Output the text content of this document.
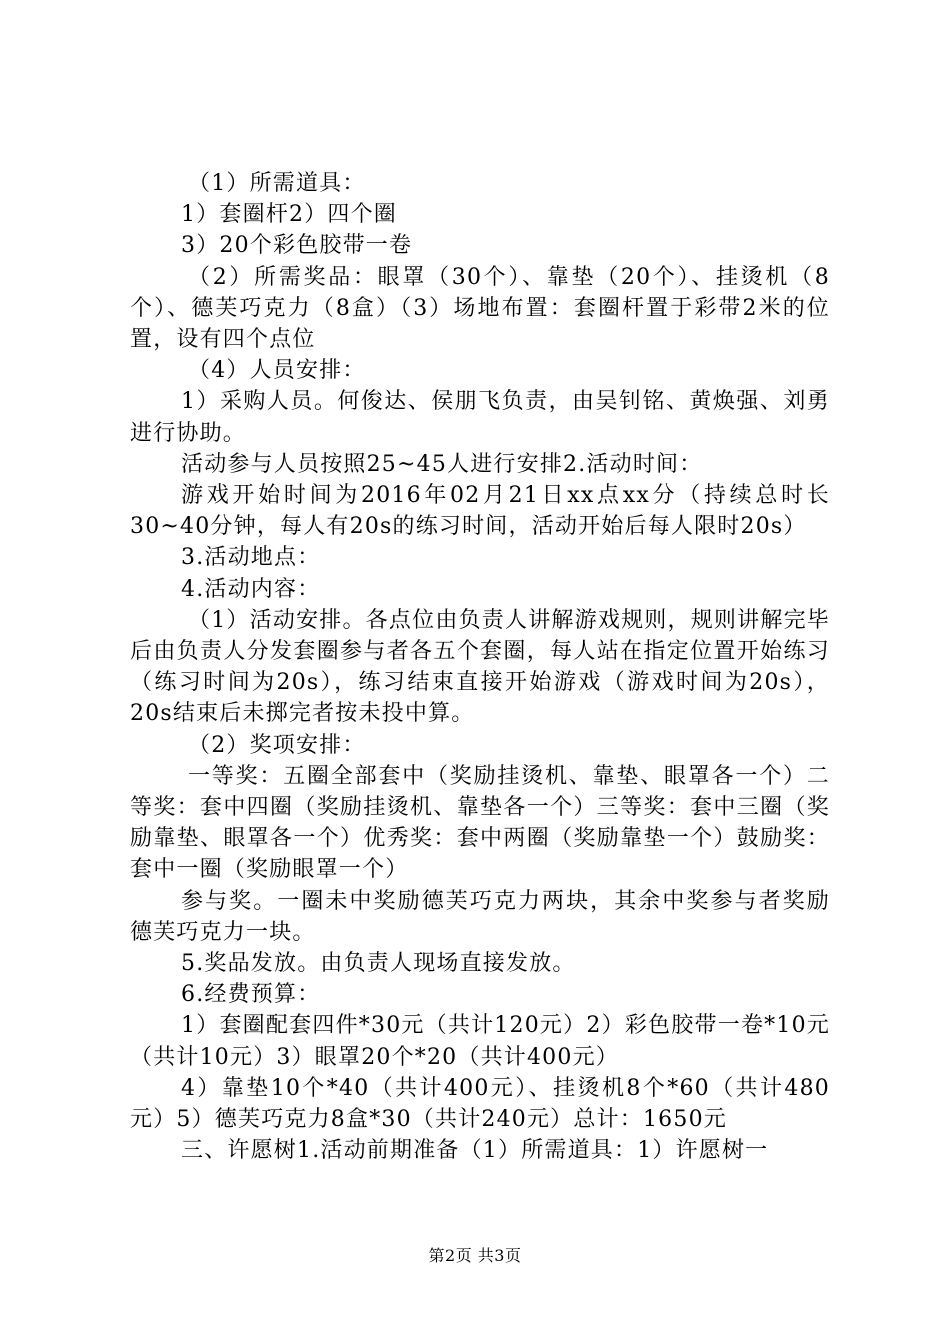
（1）所需道具：

1）套圈杆2）四个圈

3）20个彩色胶带一卷

（2）所需奖品：眼罩（30个）、靠垫（20个）、挂烫机（8个）、德芙巧克力（8盒）（3）场地布置：套圈杆置于彩带2米的位置，设有四个点位

（4）人员安排：

1）采购人员。何俊达、侯朋飞负责，由吴钊铭、黄焕强、刘勇进行协助。

活动参与人员按照25~45人进行安排2.活动时间：

游戏开始时间为2016年02月21日xx点xx分（持续总时长30~40分钟，每人有20s的练习时间，活动开始后每人限时20s）

3.活动地点：

4.活动内容：

（1）活动安排。各点位由负责人讲解游戏规则，规则讲解完毕后由负责人分发套圈参与者各五个套圈，每人站在指定位置开始练习（练习时间为20s），练习结束直接开始游戏（游戏时间为20s），20s结束后未掷完者按未投中算。

（2）奖项安排：

一等奖：五圈全部套中（奖励挂烫机、靠垫、眼罩各一个）二等奖：套中四圈（奖励挂烫机、靠垫各一个）三等奖：套中三圈（奖励靠垫、眼罩各一个）优秀奖：套中两圈（奖励靠垫一个）鼓励奖：套中一圈（奖励眼罩一个）

参与奖。一圈未中奖励德芙巧克力两块，其余中奖参与者奖励德芙巧克力一块。

5.奖品发放。由负责人现场直接发放。

6.经费预算：

1）套圈配套四件*30元（共计120元）2）彩色胶带一卷*10元（共计10元）3）眼罩20个*20（共计400元）

4）靠垫10个*40（共计400元）、挂烫机8个*60（共计480元）5）德芙巧克力8盒*30（共计240元）总计：1650元

三、许愿树1.活动前期准备（1）所需道具：1）许愿树一

第2页 共3页
